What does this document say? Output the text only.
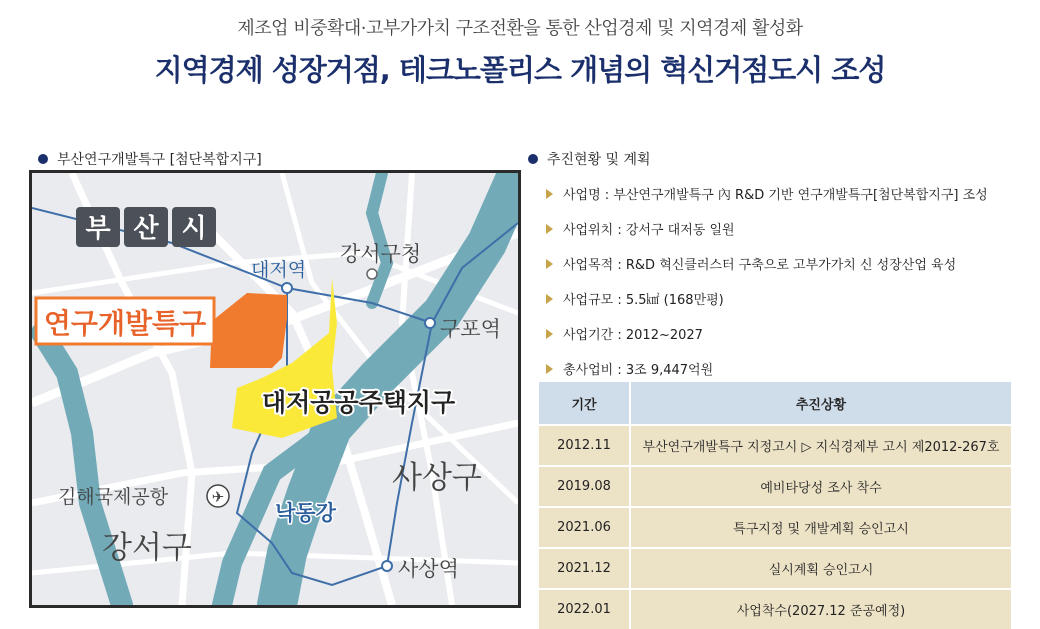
제조업 비중확대·고부가가치 구조전환을 통한 산업경제 및 지역경제 활성화
지역경제 성장거점, 테크노폴리스 개념의 혁신거점도시 조성
부산연구개발특구 [첨단복합지구]
부 산 시
연구개발특구
대저역
강서구청
구포역
대저공공주택지구
김해국제공항	✈
사상구
낙동강
강서구
사상역
추진현황 및 계획
사업명 : 부산연구개발특구 內 R&D 기반 연구개발특구[첨단복합지구] 조성
사업위치 : 강서구 대저동 일원
사업목적 : R&D 혁신클러스터 구축으로 고부가가치 신 성장산업 육성
사업규모 : 5.5㎢ (168만평)
사업기간 : 2012~2027
총사업비 : 3조 9,447억원
기간	추진상황
2012.11	부산연구개발특구 지정고시 ▷ 지식경제부 고시 제2012-267호
2019.08	예비타당성 조사 착수
2021.06	특구지정 및 개발계획 승인고시
2021.12	실시계획 승인고시
2022.01	사업착수(2027.12 준공예정)
